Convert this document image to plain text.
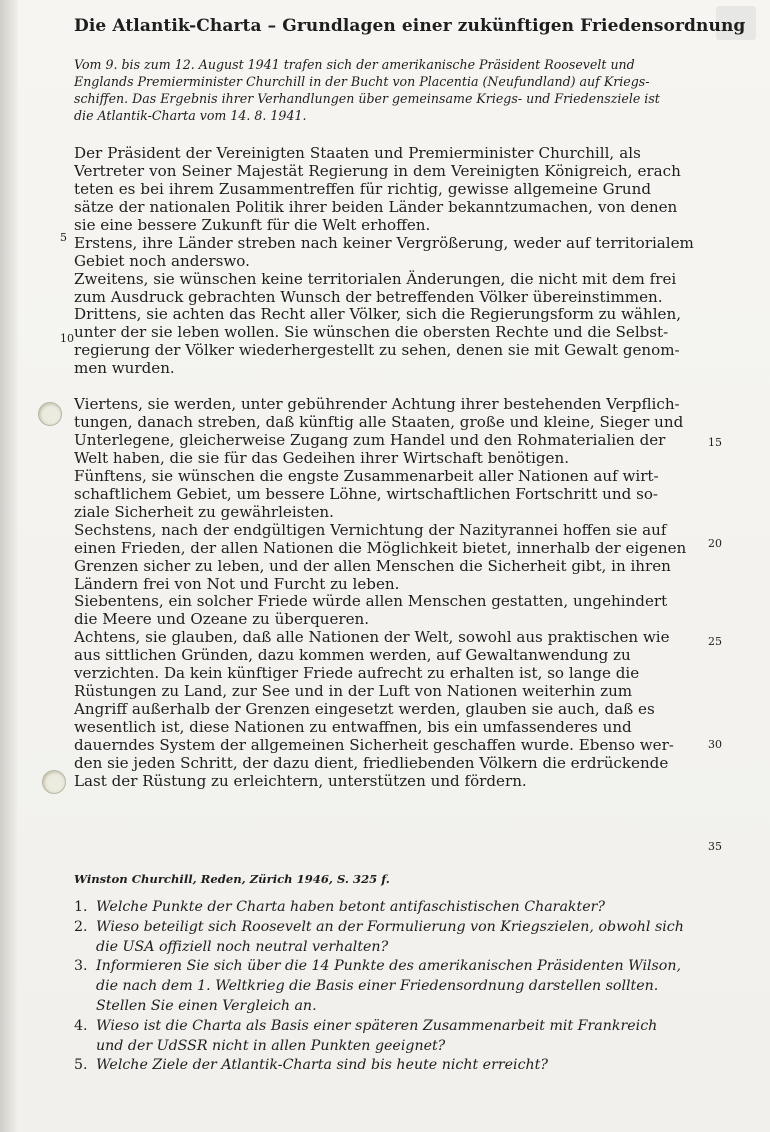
Die Atlantik-Charta – Grundlagen einer zukünftigen Friedensordnung
Vom 9. bis zum 12. August 1941 trafen sich der amerikanische Präsident Roosevelt und
Englands Premierminister Churchill in der Bucht von Placentia (Neufundland) auf Kriegs-
schiffen. Das Ergebnis ihrer Verhandlungen über gemeinsame Kriegs- und Friedensziele ist
die Atlantik-Charta vom 14. 8. 1941.
Der Präsident der Vereinigten Staaten und Premierminister Churchill, als
Vertreter von Seiner Majestät Regierung in dem Vereinigten Königreich, erach
teten es bei ihrem Zusammentreffen für richtig, gewisse allgemeine Grund
sätze der nationalen Politik ihrer beiden Länder bekanntzumachen, von denen
sie eine bessere Zukunft für die Welt erhoffen.
Erstens, ihre Länder streben nach keiner Vergrößerung, weder auf territorialem
Gebiet noch anderswo.
Zweitens, sie wünschen keine territorialen Änderungen, die nicht mit dem frei
zum Ausdruck gebrachten Wunsch der betreffenden Völker übereinstimmen.
Drittens, sie achten das Recht aller Völker, sich die Regierungsform zu wählen,
unter der sie leben wollen. Sie wünschen die obersten Rechte und die Selbst-
regierung der Völker wiederhergestellt zu sehen, denen sie mit Gewalt genom-
men wurden.
Viertens, sie werden, unter gebührender Achtung ihrer bestehenden Verpflich-
tungen, danach streben, daß künftig alle Staaten, große und kleine, Sieger und
Unterlegene, gleicherweise Zugang zum Handel und den Rohmaterialien der
Welt haben, die sie für das Gedeihen ihrer Wirtschaft benötigen.
Fünftens, sie wünschen die engste Zusammenarbeit aller Nationen auf wirt-
schaftlichem Gebiet, um bessere Löhne, wirtschaftlichen Fortschritt und so-
ziale Sicherheit zu gewährleisten.
Sechstens, nach der endgültigen Vernichtung der Nazityrannei hoffen sie auf
einen Frieden, der allen Nationen die Möglichkeit bietet, innerhalb der eigenen
Grenzen sicher zu leben, und der allen Menschen die Sicherheit gibt, in ihren
Ländern frei von Not und Furcht zu leben.
Siebentens, ein solcher Friede würde allen Menschen gestatten, ungehindert
die Meere und Ozeane zu überqueren.
Achtens, sie glauben, daß alle Nationen der Welt, sowohl aus praktischen wie
aus sittlichen Gründen, dazu kommen werden, auf Gewaltanwendung zu
verzichten. Da kein künftiger Friede aufrecht zu erhalten ist, so lange die
Rüstungen zu Land, zur See und in der Luft von Nationen weiterhin zum
Angriff außerhalb der Grenzen eingesetzt werden, glauben sie auch, daß es
wesentlich ist, diese Nationen zu entwaffnen, bis ein umfassenderes und
dauerndes System der allgemeinen Sicherheit geschaffen wurde. Ebenso wer-
den sie jeden Schritt, der dazu dient, friedliebenden Völkern die erdrückende
Last der Rüstung zu erleichtern, unterstützen und fördern.
5
10
15
20
25
30
35
Winston Churchill, Reden, Zürich 1946, S. 325 f.
1. Welche Punkte der Charta haben betont antifaschistischen Charakter?
2. Wieso beteiligt sich Roosevelt an der Formulierung von Kriegszielen, obwohl sich
die USA offiziell noch neutral verhalten?
3. Informieren Sie sich über die 14 Punkte des amerikanischen Präsidenten Wilson,
die nach dem 1. Weltkrieg die Basis einer Friedensordnung darstellen sollten.
Stellen Sie einen Vergleich an.
4. Wieso ist die Charta als Basis einer späteren Zusammenarbeit mit Frankreich
und der UdSSR nicht in allen Punkten geeignet?
5. Welche Ziele der Atlantik-Charta sind bis heute nicht erreicht?
